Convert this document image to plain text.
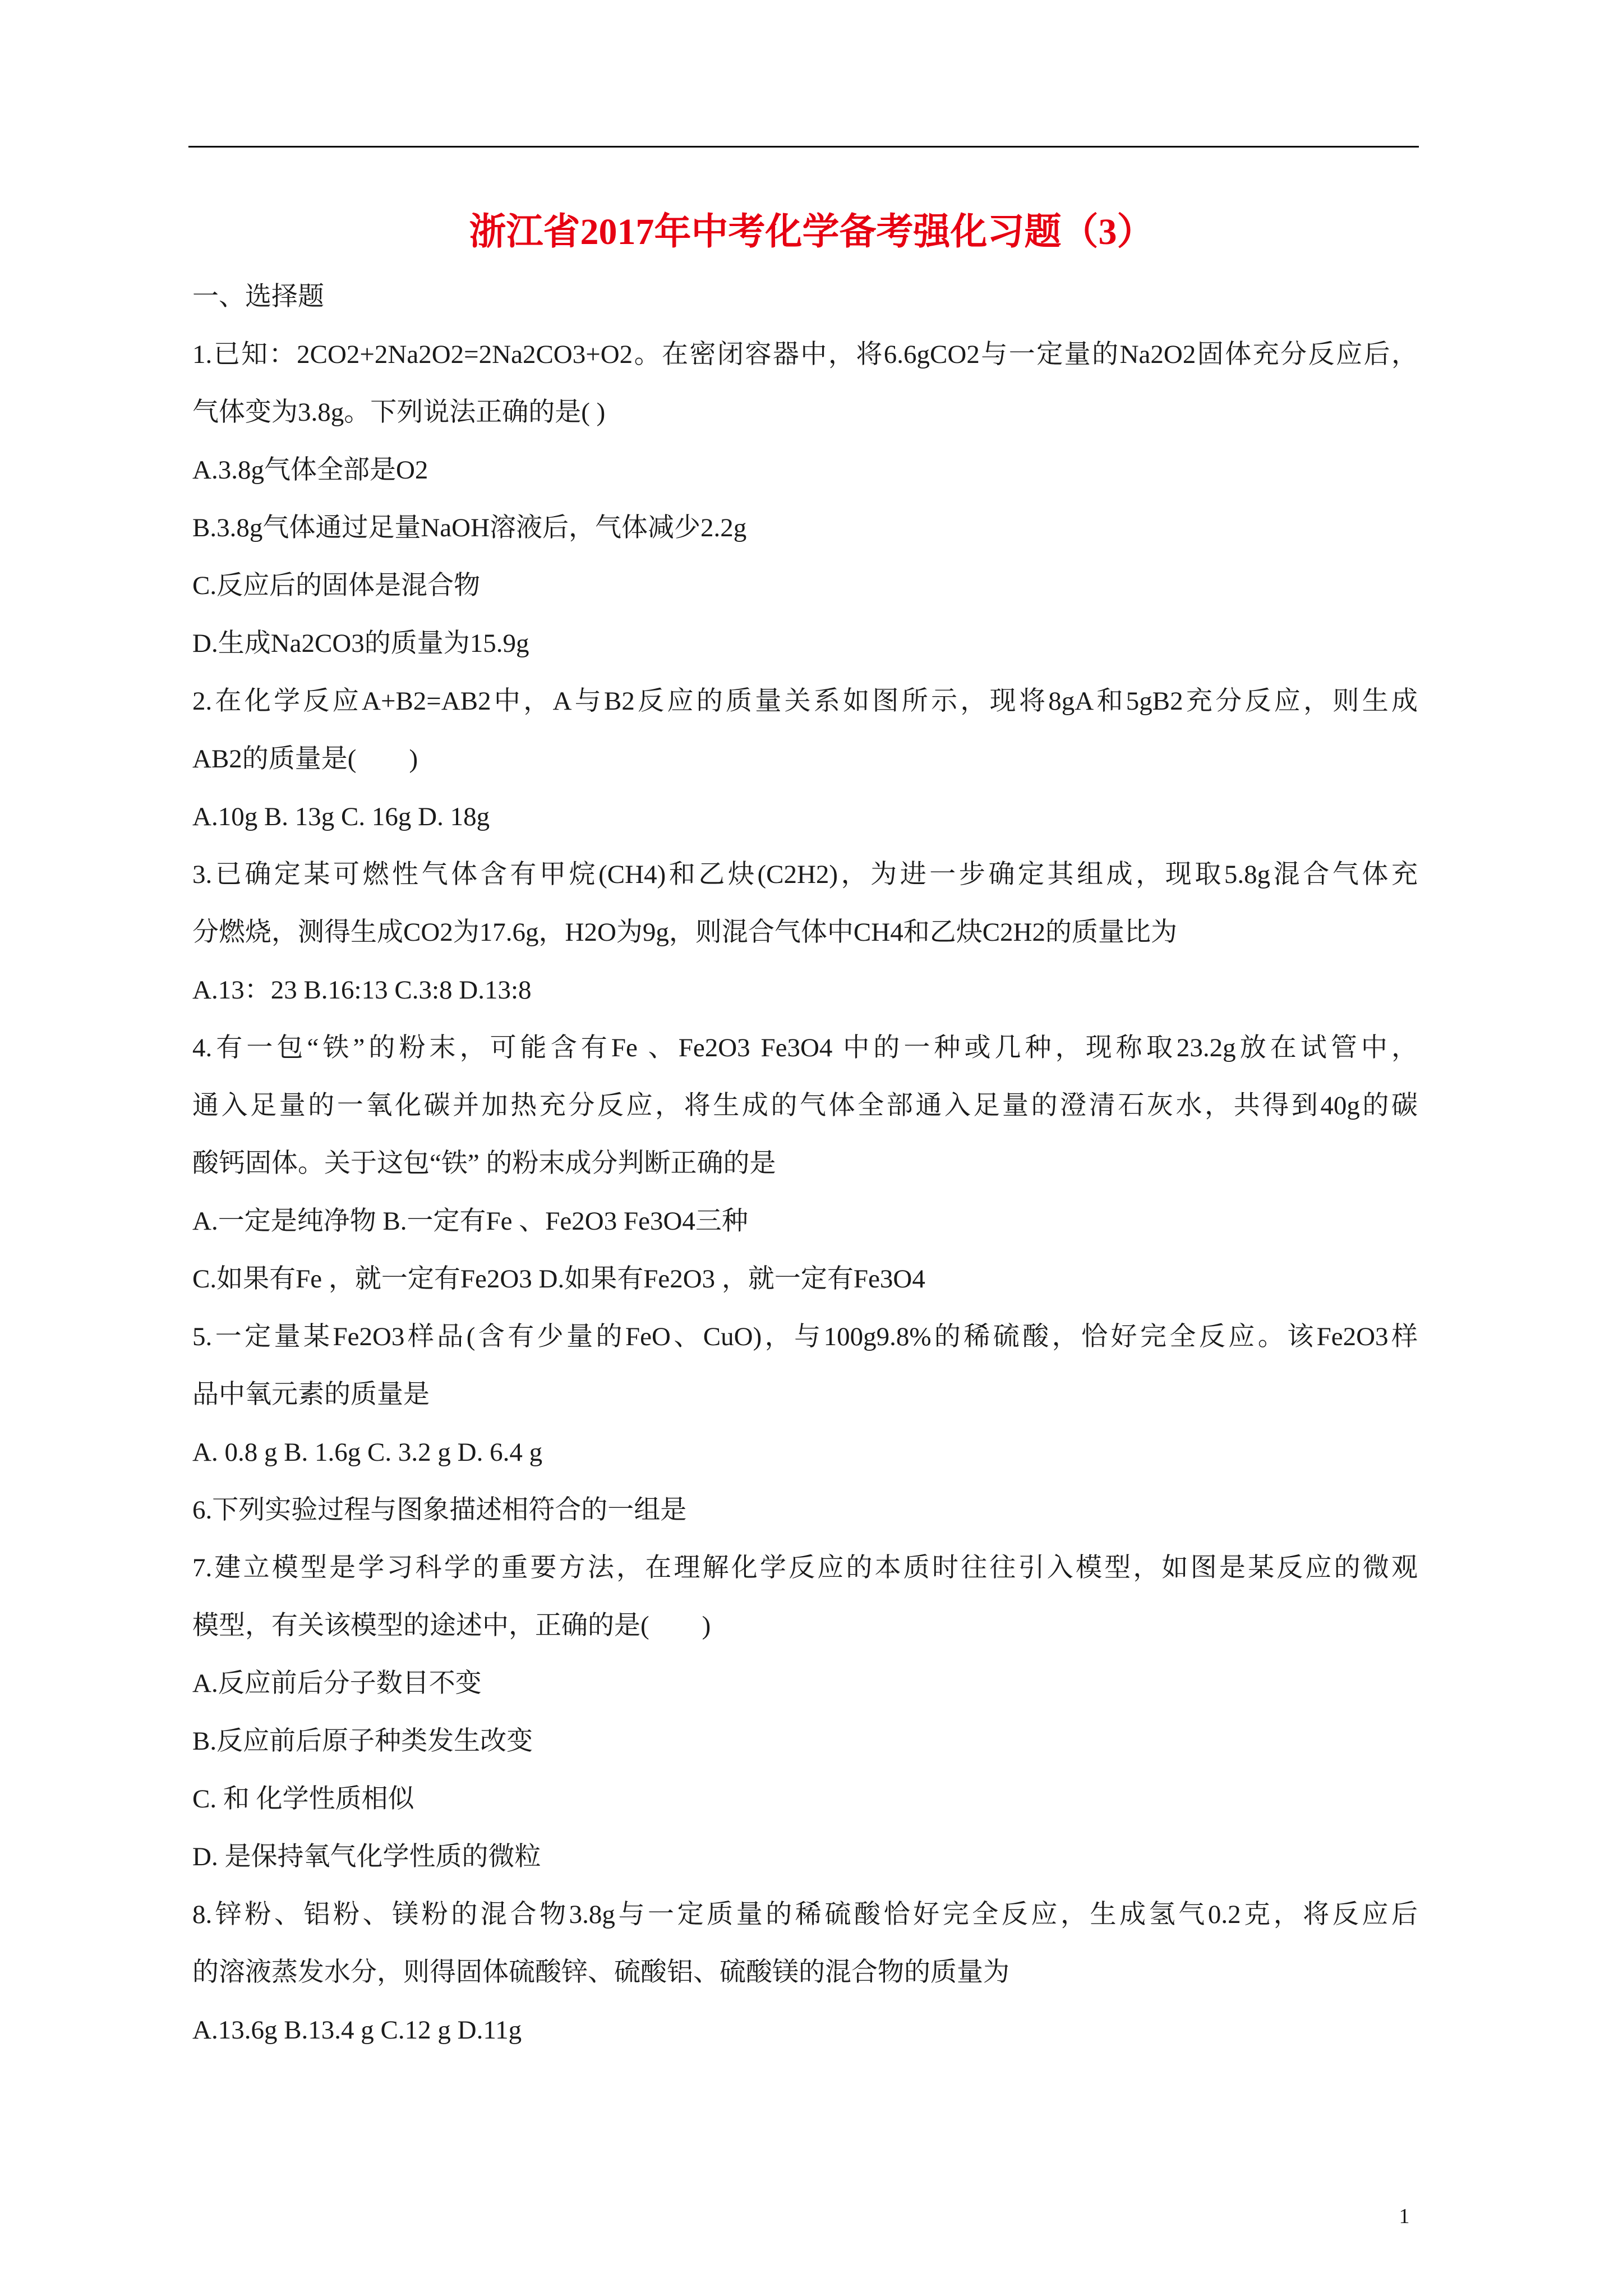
浙江省2017年中考化学备考强化习题（3）
一、选择题
1.已知：2CO2+2Na2O2=2Na2CO3+O2。在密闭容器中，将6.6gCO2与一定量的Na2O2固体充分反应后，
气体变为3.8g。下列说法正确的是( )
A.3.8g气体全部是O2
B.3.8g气体通过足量NaOH溶液后，气体减少2.2g
C.反应后的固体是混合物
D.生成Na2CO3的质量为15.9g
2.在化学反应A+B2=AB2中，A与B2反应的质量关系如图所示，现将8gA和5gB2充分反应，则生成
AB2的质量是(　　)
A.10g B. 13g C. 16g D. 18g
3.已确定某可燃性气体含有甲烷(CH4)和乙炔(C2H2)，为进一步确定其组成，现取5.8g混合气体充
分燃烧，测得生成CO2为17.6g，H2O为9g，则混合气体中CH4和乙炔C2H2的质量比为
A.13：23 B.16:13 C.3:8 D.13:8
4.有一包“铁”的粉末，可能含有Fe 、Fe2O3 Fe3O4 中的一种或几种，现称取23.2g放在试管中，
通入足量的一氧化碳并加热充分反应，将生成的气体全部通入足量的澄清石灰水，共得到40g的碳
酸钙固体。关于这包“铁” 的粉末成分判断正确的是
A.一定是纯净物 B.一定有Fe 、Fe2O3 Fe3O4三种
C.如果有Fe ，就一定有Fe2O3 D.如果有Fe2O3 ，就一定有Fe3O4
5.一定量某Fe2O3样品(含有少量的FeO、CuO)，与100g9.8%的稀硫酸，恰好完全反应。该Fe2O3样
品中氧元素的质量是
A. 0.8 g B. 1.6g C. 3.2 g D. 6.4 g
6.下列实验过程与图象描述相符合的一组是
7.建立模型是学习科学的重要方法，在理解化学反应的本质时往往引入模型，如图是某反应的微观
模型，有关该模型的途述中，正确的是(　　)
A.反应前后分子数目不变
B.反应前后原子种类发生改变
C. 和 化学性质相似
D. 是保持氧气化学性质的微粒
8.锌粉、铝粉、镁粉的混合物3.8g与一定质量的稀硫酸恰好完全反应，生成氢气0.2克，将反应后
的溶液蒸发水分，则得固体硫酸锌、硫酸铝、硫酸镁的混合物的质量为
A.13.6g B.13.4 g C.12 g D.11g
1
